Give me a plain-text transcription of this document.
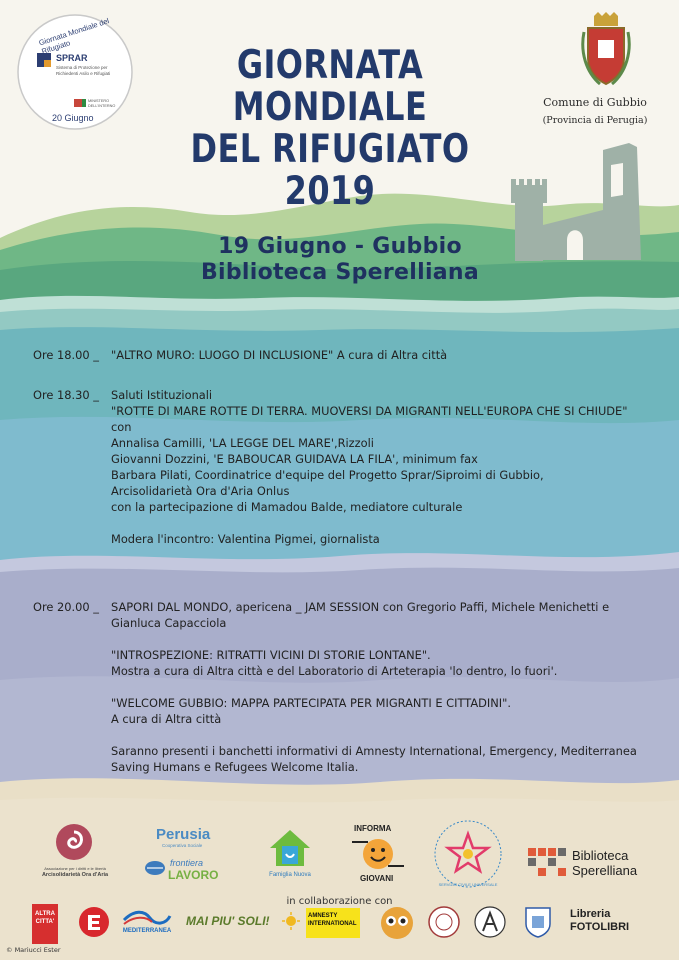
Giornata Mondiale del Rifugiato
SPRAR
Sistema di Protezione per Richiedenti Asilo e Rifugiati
MINISTERO DELL'INTERNO
20 Giugno
GIORNATA MONDIALE
DEL RIFUGIATO
2019
Comune di Gubbio
(Provincia di Perugia)
19 Giugno - Gubbio
Biblioteca Sperelliana
Ore 18.00 _ "ALTRO MURO: LUOGO DI INCLUSIONE" A cura di Altra città
Ore 18.30 _ Saluti Istituzionali
"ROTTE DI MARE ROTTE DI TERRA. MUOVERSI DA MIGRANTI NELL'EUROPA CHE SI CHIUDE" con
Annalisa Camilli, 'LA LEGGE DEL MARE',Rizzoli
Giovanni Dozzini, 'E BABOUCAR GUIDAVA LA FILA', minimum fax
Barbara Pilati, Coordinatrice d'equipe del Progetto Sprar/Siproimi di Gubbio,
Arcisolidarietà Ora d'Aria Onlus
con la partecipazione di Mamadou Balde, mediatore culturale
Modera l'incontro: Valentina Pigmei, giornalista
Ore 20.00 _ SAPORI DAL MONDO, apericena _ JAM SESSION con Gregorio Paffi, Michele Menichetti e
Gianluca Capacciola
"INTROSPEZIONE: RITRATTI VICINI DI STORIE LONTANE".
Mostra a cura di Altra città e del Laboratorio di Arteterapia 'lo dentro, lo fuori'.
"WELCOME GUBBIO: MAPPA PARTECIPATA PER MIGRANTI E CITTADINI".
A cura di Altra città
Saranno presenti i banchetti informativi di Amnesty International, Emergency, Mediterranea
Saving Humans e Refugees Welcome Italia.
Associazione per i diritti e le libertà
Arcisolidarietà Ora d'Aria
Perusia
Cooperativa Sociale
frontiera
LAVORO	Famiglia Nuova
INFORMA
GIOVANI
SERVIZIO CIVILE UNIVERSALE
Biblioteca
Sperelliana
in collaborazione con
ALTRA CITTA'
MEDITERRANEA
MAI PIU' SOLI!	AMNESTY INTERNATIONAL
Libreria
FOTOLIBRI
© Mariucci Ester
